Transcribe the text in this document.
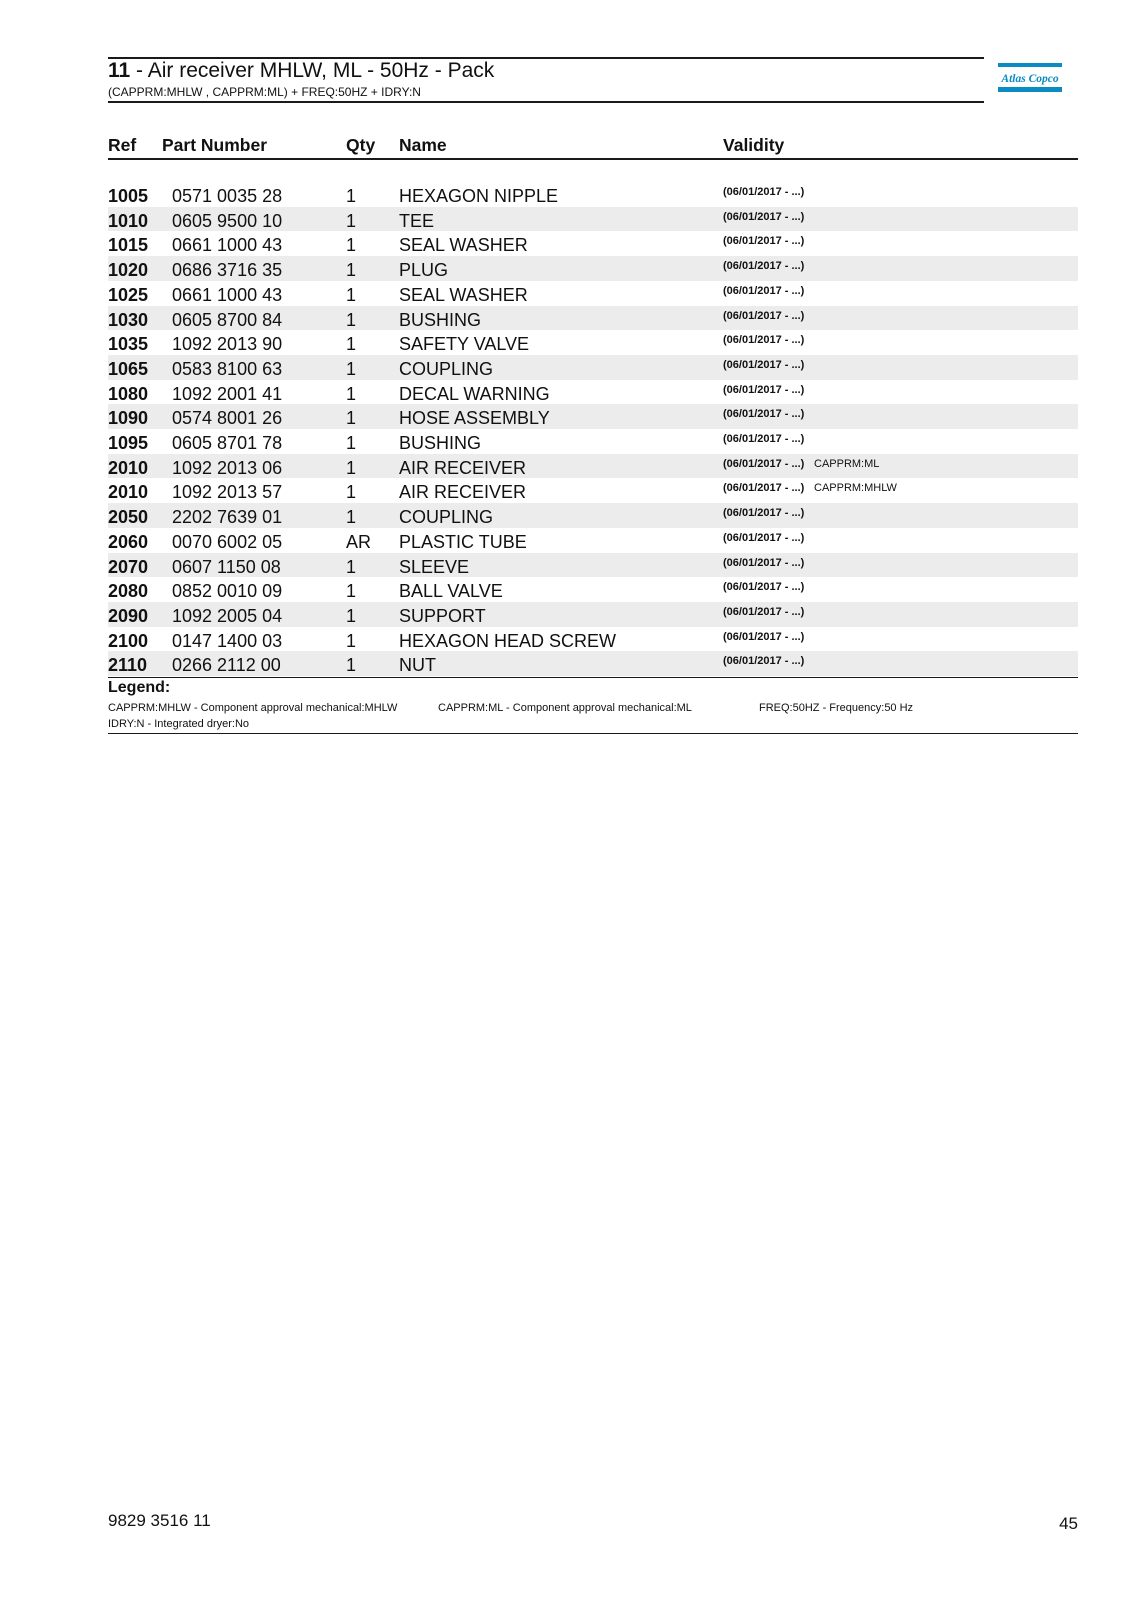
11 - Air receiver MHLW, ML - 50Hz - Pack
(CAPPRM:MHLW , CAPPRM:ML) + FREQ:50HZ + IDRY:N
Atlas Copco
Ref Part Number	Qty Name	Validity
1005 0571 0035 28	1 HEXAGON NIPPLE	(06/01/2017 - ...)
1010 0605 9500 10	1 TEE	(06/01/2017 - ...)
1015 0661 1000 43	1 SEAL WASHER	(06/01/2017 - ...)
1020 0686 3716 35	1 PLUG	(06/01/2017 - ...)
1025 0661 1000 43	1 SEAL WASHER	(06/01/2017 - ...)
1030 0605 8700 84	1 BUSHING	(06/01/2017 - ...)
1035 1092 2013 90	1 SAFETY VALVE	(06/01/2017 - ...)
1065 0583 8100 63	1 COUPLING	(06/01/2017 - ...)
1080 1092 2001 41	1 DECAL WARNING	(06/01/2017 - ...)
1090 0574 8001 26	1 HOSE ASSEMBLY	(06/01/2017 - ...)
1095 0605 8701 78	1 BUSHING	(06/01/2017 - ...)
2010 1092 2013 06	1 AIR RECEIVER	(06/01/2017 - ...) CAPPRM:ML
2010 1092 2013 57	1 AIR RECEIVER	(06/01/2017 - ...) CAPPRM:MHLW
2050 2202 7639 01	1 COUPLING	(06/01/2017 - ...)
2060 0070 6002 05	AR PLASTIC TUBE	(06/01/2017 - ...)
2070 0607 1150 08	1 SLEEVE	(06/01/2017 - ...)
2080 0852 0010 09	1 BALL VALVE	(06/01/2017 - ...)
2090 1092 2005 04	1 SUPPORT	(06/01/2017 - ...)
2100 0147 1400 03	1 HEXAGON HEAD SCREW	(06/01/2017 - ...)
2110 0266 2112 00	1 NUT	(06/01/2017 - ...)
Legend:
CAPPRM:MHLW - Component approval mechanical:MHLW	CAPPRM:ML - Component approval mechanical:ML	FREQ:50HZ - Frequency:50 Hz
IDRY:N - Integrated dryer:No
9829 3516 11	45
